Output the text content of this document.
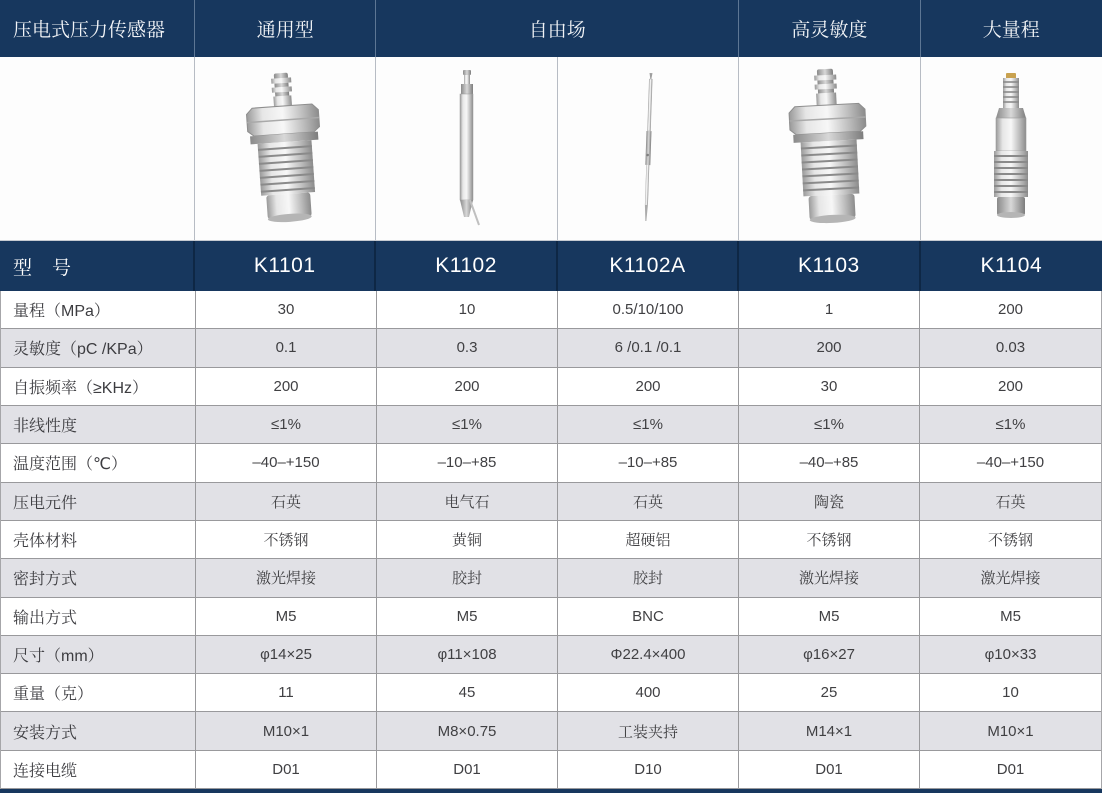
压电式压力传感器	通用型	自由场	高灵敏度	大量程
型　号	K1101	K1102	K1102A	K1103	K1104
量程（MPa）	30	10	0.5/10/100	1	200
灵敏度（pC /KPa）	0.1	0.3	6 /0.1 /0.1	200	0.03
自振频率（≥KHz）	200	200	200	30	200
非线性度	≤1%	≤1%	≤1%	≤1%	≤1%
温度范围（℃）	–40–+150	–10–+85	–10–+85	–40–+85	–40–+150
压电元件	石英	电气石	石英	陶瓷	石英
壳体材料	不锈钢	黄铜	超硬铝	不锈钢	不锈钢
密封方式	激光焊接	胶封	胶封	激光焊接	激光焊接
输出方式	M5	M5	BNC	M5	M5
尺寸（mm）	φ14×25	φ11×108	Φ22.4×400	φ16×27	φ10×33
重量（克）	11	45	400	25	10
安装方式	M10×1	M8×0.75	工装夹持	M14×1	M10×1
连接电缆	D01	D01	D10	D01	D01
